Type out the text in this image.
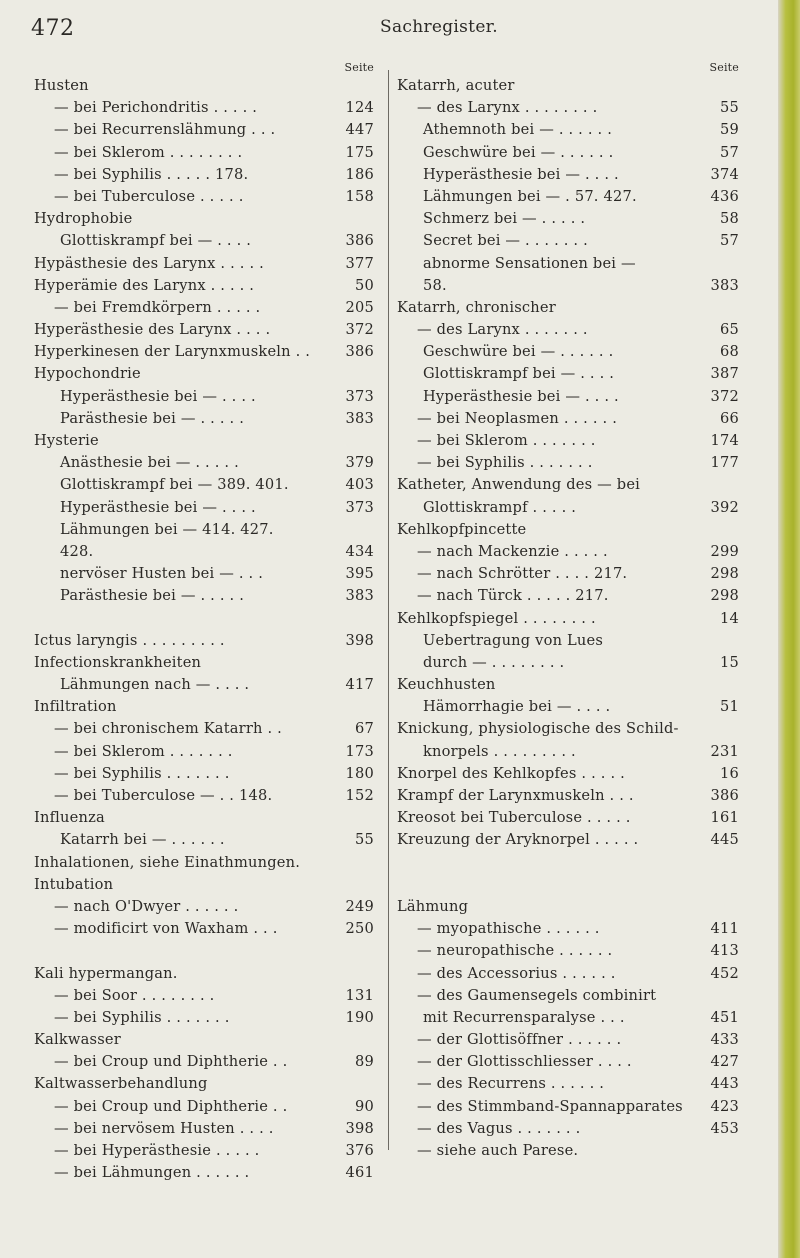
472	Sachregister.
Seite
Husten
— bei Perichondritis . . . . .	124
— bei Recurrenslähmung . . .	447
— bei Sklerom . . . . . . . .	175
— bei Syphilis . . . . . 178.	186
— bei Tuberculose . . . . .	158
Hydrophobie
Glottiskrampf bei — . . . .	386
Hypästhesie des Larynx . . . . .	377
Hyperämie des Larynx . . . . .	50
— bei Fremdkörpern . . . . .	205
Hyperästhesie des Larynx . . . .	372
Hyperkinesen der Larynxmuskeln . . 386
Hypochondrie
Hyperästhesie bei — . . . .	373
Parästhesie bei — . . . . .	383
Hysterie
Anästhesie bei — . . . . .	379
Glottiskrampf bei — 389. 401.	403
Hyperästhesie bei — . . . .	373
Lähmungen bei — 414. 427.
428.	434
nervöser Husten bei — . . .	395
Parästhesie bei — . . . . .	383
Ictus laryngis . . . . . . . . .	398
Infectionskrankheiten
Lähmungen nach — . . . .	417
Infiltration
— bei chronischem Katarrh . .	67
— bei Sklerom . . . . . . .	173
— bei Syphilis . . . . . . .	180
— bei Tuberculose — . . 148.	152
Influenza
Katarrh bei — . . . . . .	55
Inhalationen, siehe Einathmungen.
Intubation
— nach O'Dwyer . . . . . .	249
— modificirt von Waxham . . .	250
Kali hypermangan.
— bei Soor . . . . . . . .	131
— bei Syphilis . . . . . . .	190
Kalkwasser
— bei Croup und Diphtherie . .	89
Kaltwasserbehandlung
— bei Croup und Diphtherie . .	90
— bei nervösem Husten . . . .	398
— bei Hyperästhesie . . . . .	376
— bei Lähmungen . . . . . .	461
Seite
Katarrh, acuter
— des Larynx . . . . . . . .	55
Athemnoth bei — . . . . . .	59
Geschwüre bei — . . . . . .	57
Hyperästhesie bei — . . . .	374
Lähmungen bei — . 57. 427.	436
Schmerz bei — . . . . .	58
Secret bei — . . . . . . .	57
abnorme Sensationen bei —
58.	383
Katarrh, chronischer
— des Larynx . . . . . . .	65
Geschwüre bei — . . . . . .	68
Glottiskrampf bei — . . . .	387
Hyperästhesie bei — . . . .	372
— bei Neoplasmen . . . . . .	66
— bei Sklerom . . . . . . .	174
— bei Syphilis . . . . . . .	177
Katheter, Anwendung des — bei
Glottiskrampf . . . . .	392
Kehlkopfpincette
— nach Mackenzie . . . . .	299
— nach Schrötter . . . . 217.	298
— nach Türck . . . . . 217.	298
Kehlkopfspiegel . . . . . . . .	14
Uebertragung von Lues
durch — . . . . . . . .	15
Keuchhusten
Hämorrhagie bei — . . . .	51
Knickung, physiologische des Schild-
knorpels . . . . . . . . .	231
Knorpel des Kehlkopfes . . . . .	16
Krampf der Larynxmuskeln . . .	386
Kreosot bei Tuberculose . . . . .	161
Kreuzung der Aryknorpel . . . . .	445
Lähmung
— myopathische . . . . . .	411
— neuropathische . . . . . .	413
— des Accessorius . . . . . .	452
— des Gaumensegels combinirt
mit Recurrensparalyse . . .	451
— der Glottisöffner . . . . . .	433
— der Glottisschliesser . . . .	427
— des Recurrens . . . . . .	443
— des Stimmband-Spannapparates 423
— des Vagus . . . . . . .	453
— siehe auch Parese.
